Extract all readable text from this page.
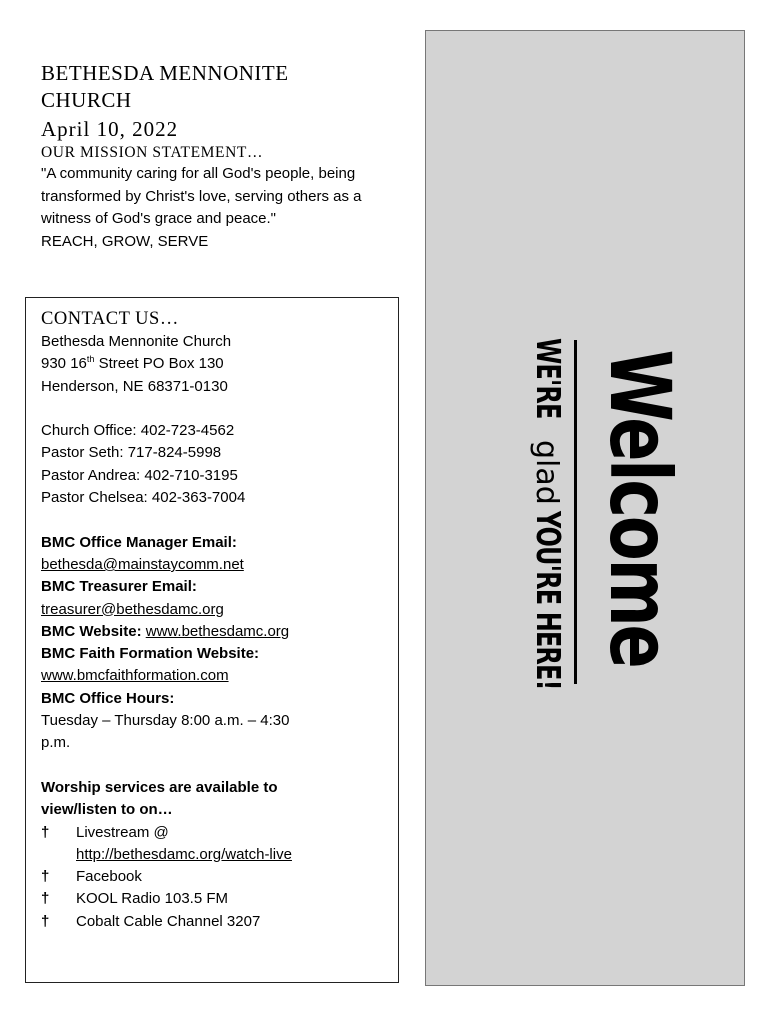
BETHESDA MENNONITE CHURCH
April 10, 2022
OUR MISSION STATEMENT…

"A community caring for all God's people, being transformed by Christ's love, serving others as a witness of God's grace and peace."

REACH, GROW, SERVE

CONTACT US…

Bethesda Mennonite Church

930 16th Street PO Box 130

Henderson, NE 68371-0130

Church Office: 402-723-4562

Pastor Seth: 717-824-5998

Pastor Andrea: 402-710-3195

Pastor Chelsea: 402-363-7004

BMC Office Manager Email:

bethesda@mainstaycomm.net

BMC Treasurer Email:

treasurer@bethesdamc.org

BMC Website: www.bethesdamc.org

BMC Faith Formation Website:

www.bmcfaithformation.com

BMC Office Hours:

Tuesday – Thursday 8:00 a.m. – 4:30

p.m.

Worship services are available to

view/listen to on…

†	Livestream @
http://bethesdamc.org/watch-live
†	Facebook
†	KOOL Radio 103.5 FM
†	Cobalt Cable Channel 3207
Welcome
WE'REgladYOU'RE HERE!
